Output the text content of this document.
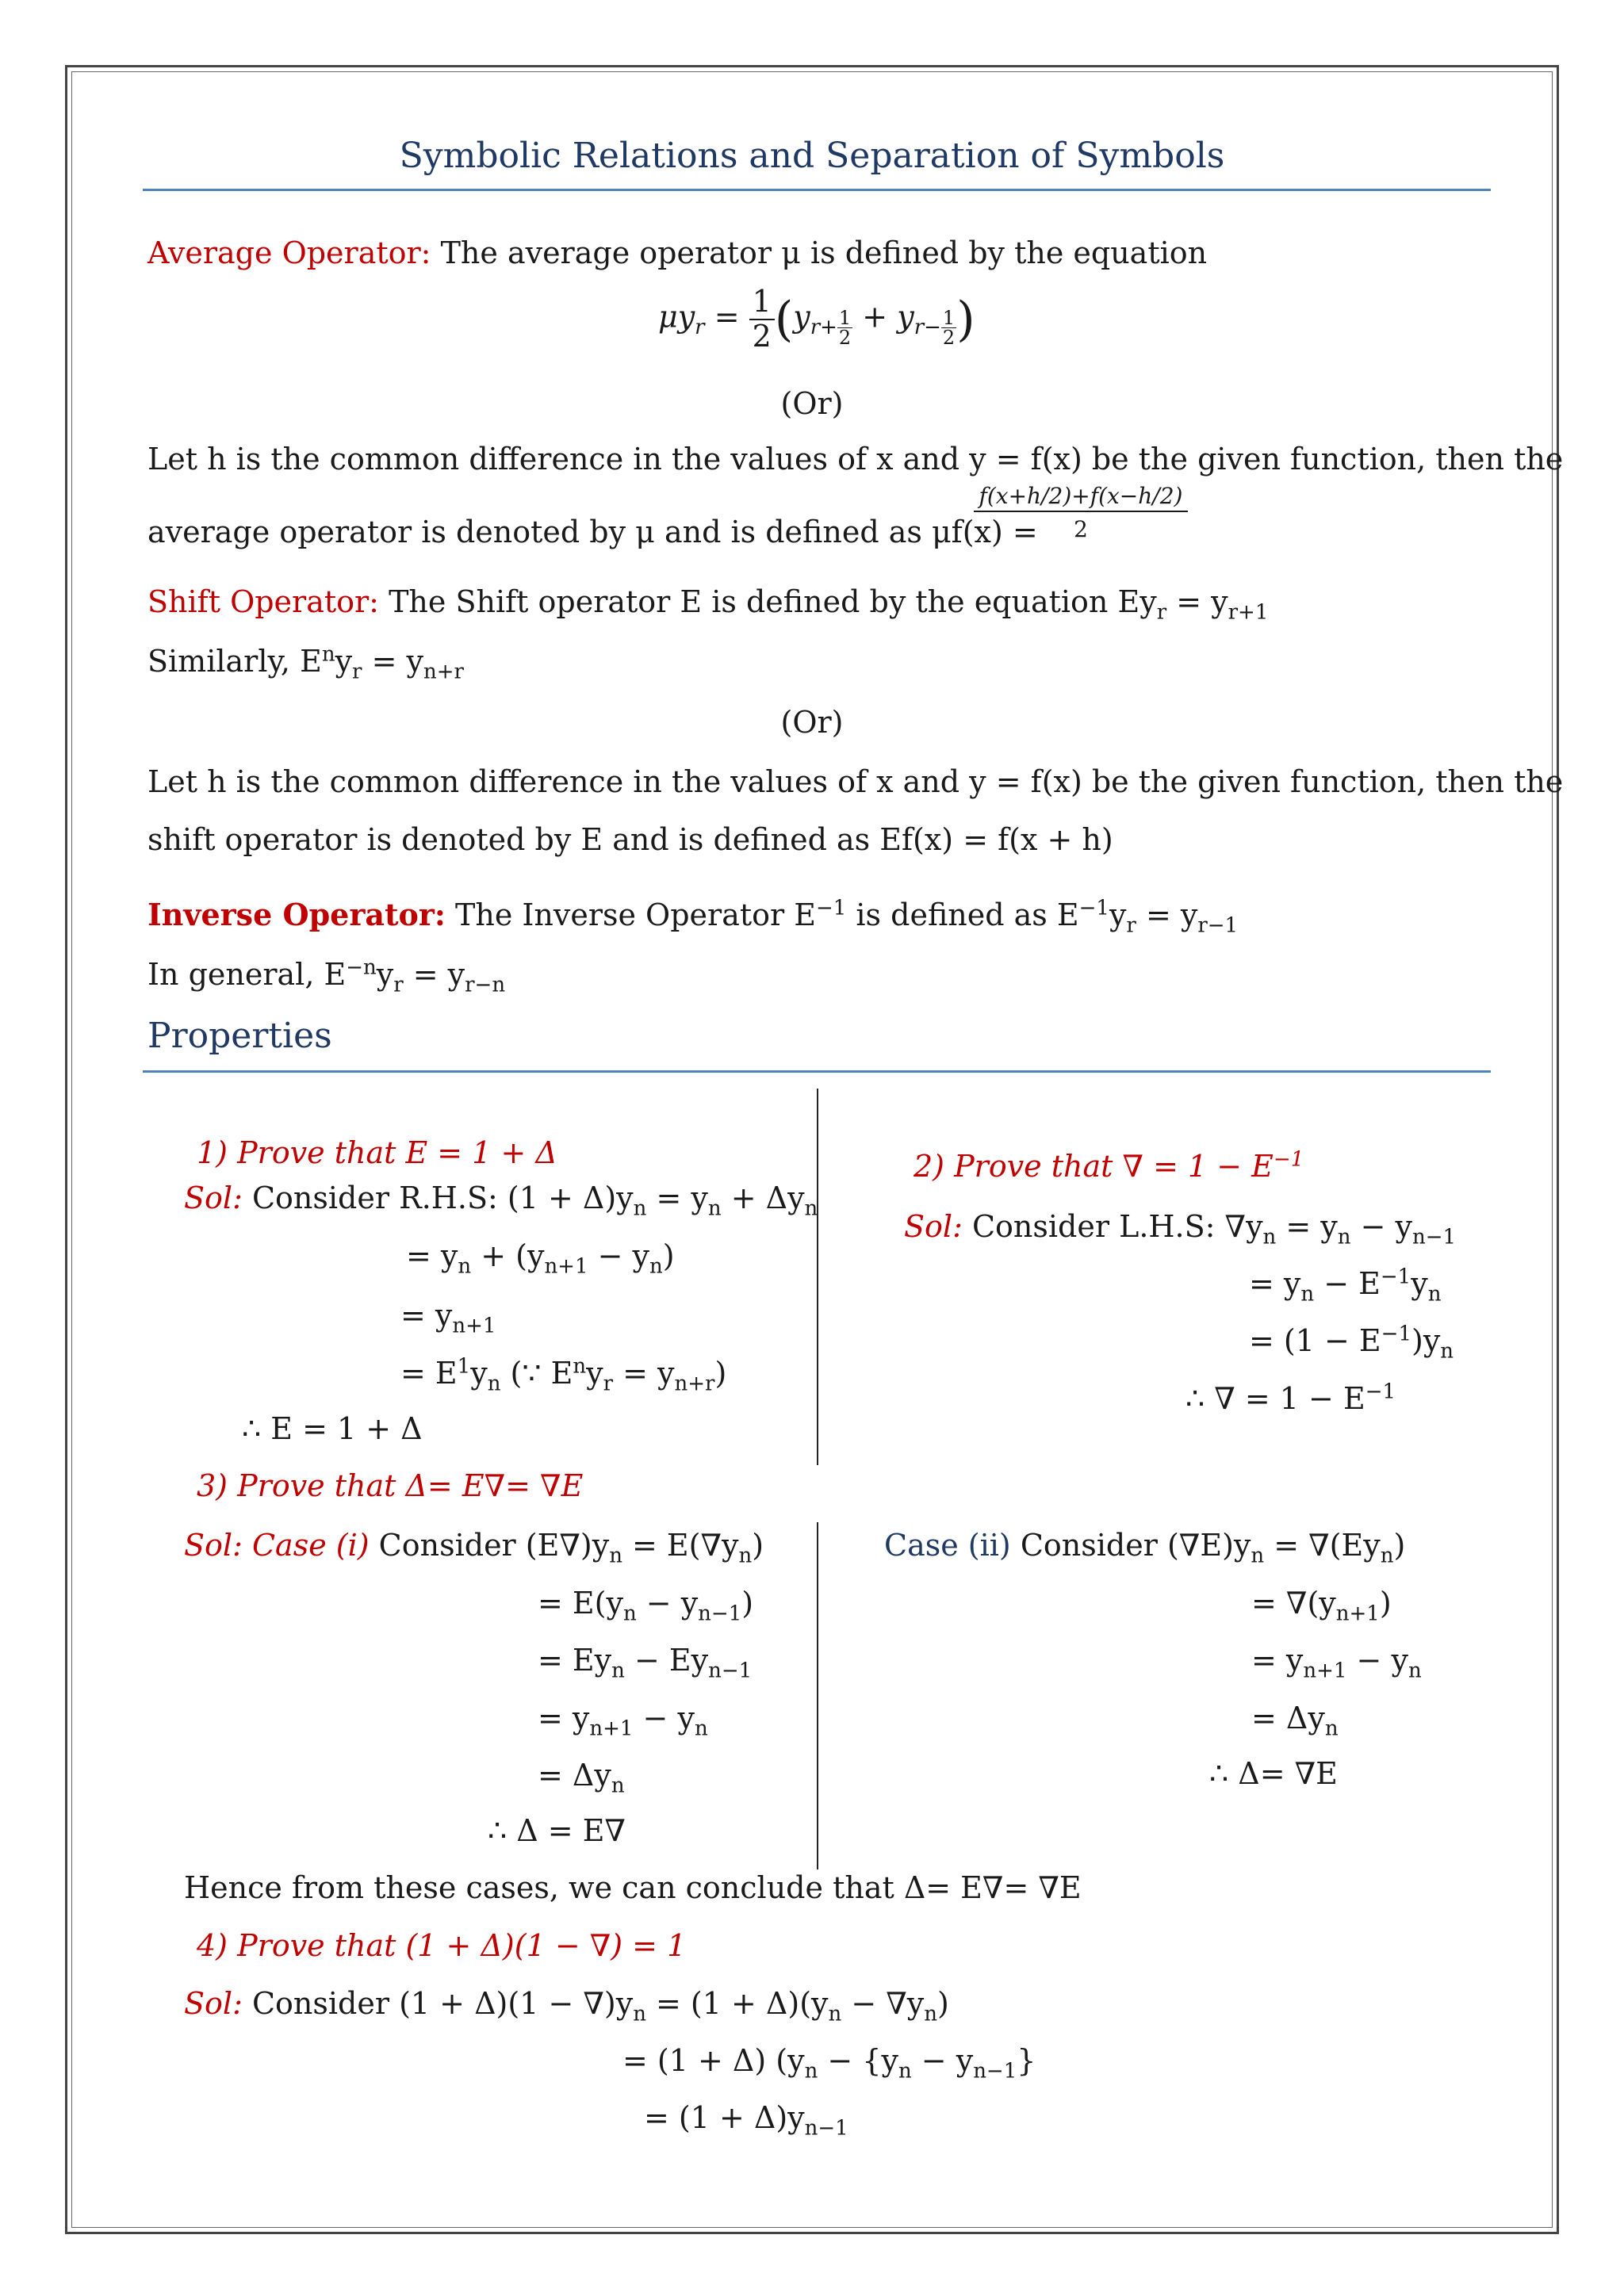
Symbolic Relations and Separation of Symbols
Average Operator: The average operator μ is defined by the equation
$\mu y_r = \frac{1}{2} (y_{r+ \frac{1}{2}} + y_{r- \frac{1}{2}}$ )
(Or)
Let h is the common difference in the values of x and y = f(x) be the given function, then the
average operator is denoted by μ and is defined as μf(x) =
$\frac{f(x+h/2)+f(x-h/2)}{2}$
Shift Operator: The Shift operator E is defined by the equation $Ey_r = y_{r+1}$
Similarly, $E^ny_r = y_{n+r}$
(Or)
Let h is the common difference in the values of x and y = f(x) be the given function, then the
shift operator is denoted by E and is defined as Ef(x) = f(x + h)
Inverse Operator: The Inverse Operator $E^{-1}$ is defined as $E^{-1}y_r = y_{r-1}$
In general, $E^{-n}y_r = y_{r-n}$
Properties
1) Prove that E = 1 + Δ
Sol: Consider R.H.S: $(1 + \Delta)y_n = y_n + \Delta y_n$
= $y_n + (y_{n+1} - y_n)$
= $y_{n+1}$
= $E^1y_n$ (∵ $E^ny_r = y_{n+r}$)
∴ E = 1 + Δ
2) Prove that ∇ = $1 - E^{-1}$
Sol: Consider L.H.S: $\nabla y_n = y_n - y_{n-1}$
= $y_n - E^{-1}y_n$
= $(1 - E^{-1})y_n$
∴ ∇ = $1 - E^{-1}$
3) Prove that Δ= E∇= ∇E
Sol: Case (i) Consider $(E\nabla)y_n = E(\nabla y_n)$
= $E(y_n - y_{n-1})$
= $Ey_n - Ey_{n-1}$
= $y_{n+1} - y_n$
= $\Delta y_n$
∴ Δ = E∇
Case (ii) Consider $(\nabla E)y_n = \nabla(Ey_n)$
= $\nabla(y_{n+1})$
= $y_{n+1} - y_n$
= $\Delta y_n$
∴ Δ= ∇E
Hence from these cases, we can conclude that Δ= E∇= ∇E
4) Prove that (1 + Δ)(1 − ∇) = 1
Sol: Consider $(1 + \Delta)(1 - \nabla)y_n = (1 + \Delta)(y_n - \nabla y_n)$
= (1 + Δ) ($y_n - \{y_n - y_{n-1}\}$
= $(1 + \Delta)y_{n-1}$
